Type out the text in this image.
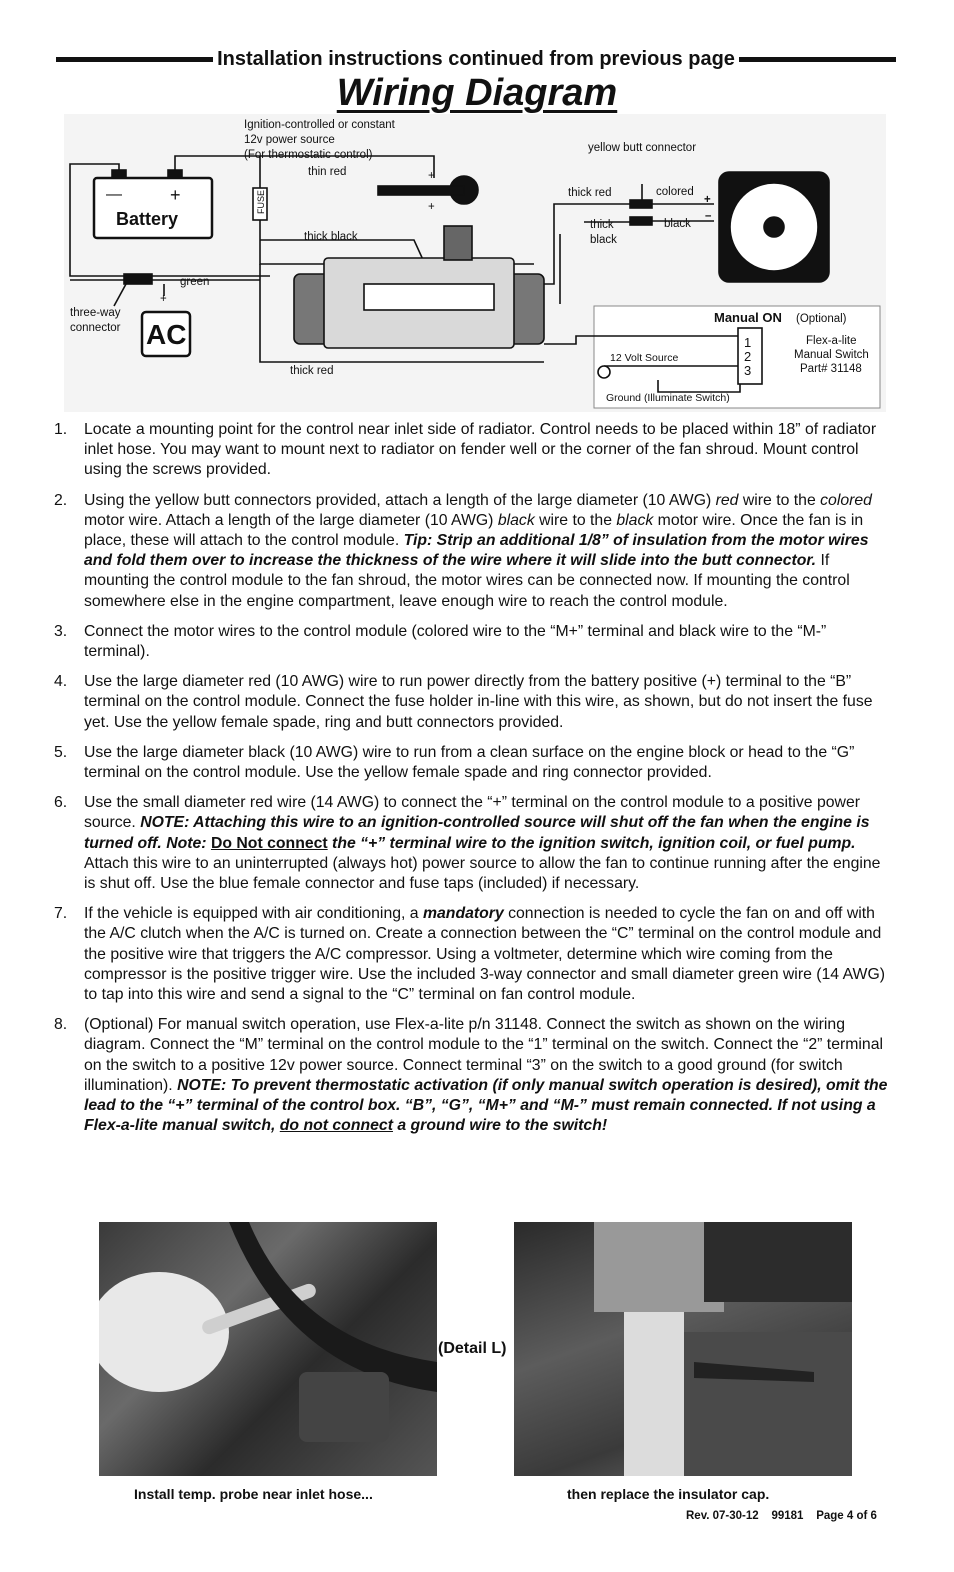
Installation instructions continued from previous page
Wiring Diagram
Battery
—	+	FUSE
Ignition-controlled or constant
12v power source
(For thermostatic control)
thin red	+
+
thick black
thick
black
thick red
yellow butt connector
colored
black
+
–
green
+
three-way
connector AC
thick red
Manual ON (Optional)
12 Volt Source
Ground (Illuminate Switch)
1 2 3
Flex-a-lite
Manual Switch
Part# 31148
1.	Locate a mounting point for the control near inlet side of radiator. Control needs to be placed within 18” of radiator inlet hose. You may want to mount next to radiator on fender well or the corner of the fan shroud. Mount control using the screws provided.
2.	Using the yellow butt connectors provided, attach a length of the large diameter (10 AWG) red wire to the colored motor wire. Attach a length of the large diameter (10 AWG) black wire to the black motor wire. Once the fan is in place, these will attach to the control module. Tip: Strip an additional 1/8” of insulation from the motor wires and fold them over to increase the thickness of the wire where it will slide into the butt connector. If mounting the control module to the fan shroud, the motor wires can be connected now. If mounting the control somewhere else in the engine compartment, leave enough wire to reach the control module.
3.	Connect the motor wires to the control module (colored wire to the “M+” terminal and black wire to the “M-” terminal).
4.	Use the large diameter red (10 AWG) wire to run power directly from the battery positive (+) terminal to the “B” terminal on the control module. Connect the fuse holder in-line with this wire, as shown, but do not insert the fuse yet. Use the yellow female spade, ring and butt connectors provided.
5.	Use the large diameter black (10 AWG) wire to run from a clean surface on the engine block or head to the “G” terminal on the control module. Use the yellow female spade and ring connector provided.
6.	Use the small diameter red wire (14 AWG) to connect the “+” terminal on the control module to a positive power source. NOTE: Attaching this wire to an ignition-controlled source will shut off the fan when the engine is turned off. Note: Do Not connect the “+” terminal wire to the ignition switch, ignition coil, or fuel pump. Attach this wire to an uninterrupted (always hot) power source to allow the fan to continue running after the engine is shut off. Use the blue female connector and fuse taps (included) if necessary.
7.	If the vehicle is equipped with air conditioning, a mandatory connection is needed to cycle the fan on and off with the A/C clutch when the A/C is turned on. Create a connection between the “C” terminal on the control module and the positive wire that triggers the A/C compressor. Using a voltmeter, determine which wire coming from the compressor is the positive trigger wire. Use the included 3-way connector and small diameter green wire (14 AWG) to tap into this wire and send a signal to the “C” terminal on fan control module.
8.	(Optional) For manual switch operation, use Flex-a-lite p/n 31148. Connect the switch as shown on the wiring diagram. Connect the “M” terminal on the control module to the “1” terminal on the switch. Connect the “2” terminal on the switch to a positive 12v power source. Connect terminal “3” on the switch to a good ground (for switch illumination). NOTE: To prevent thermostatic activation (if only manual switch operation is desired), omit the lead to the “+” terminal of the control box. “B”, “G”, “M+” and “M-” must remain connected. If not using a Flex-a-lite manual switch, do not connect a ground wire to the switch!
(Detail L)
Install temp. probe near inlet hose...	then replace the insulator cap.
Rev. 07-30-12    99181    Page 4 of 6
